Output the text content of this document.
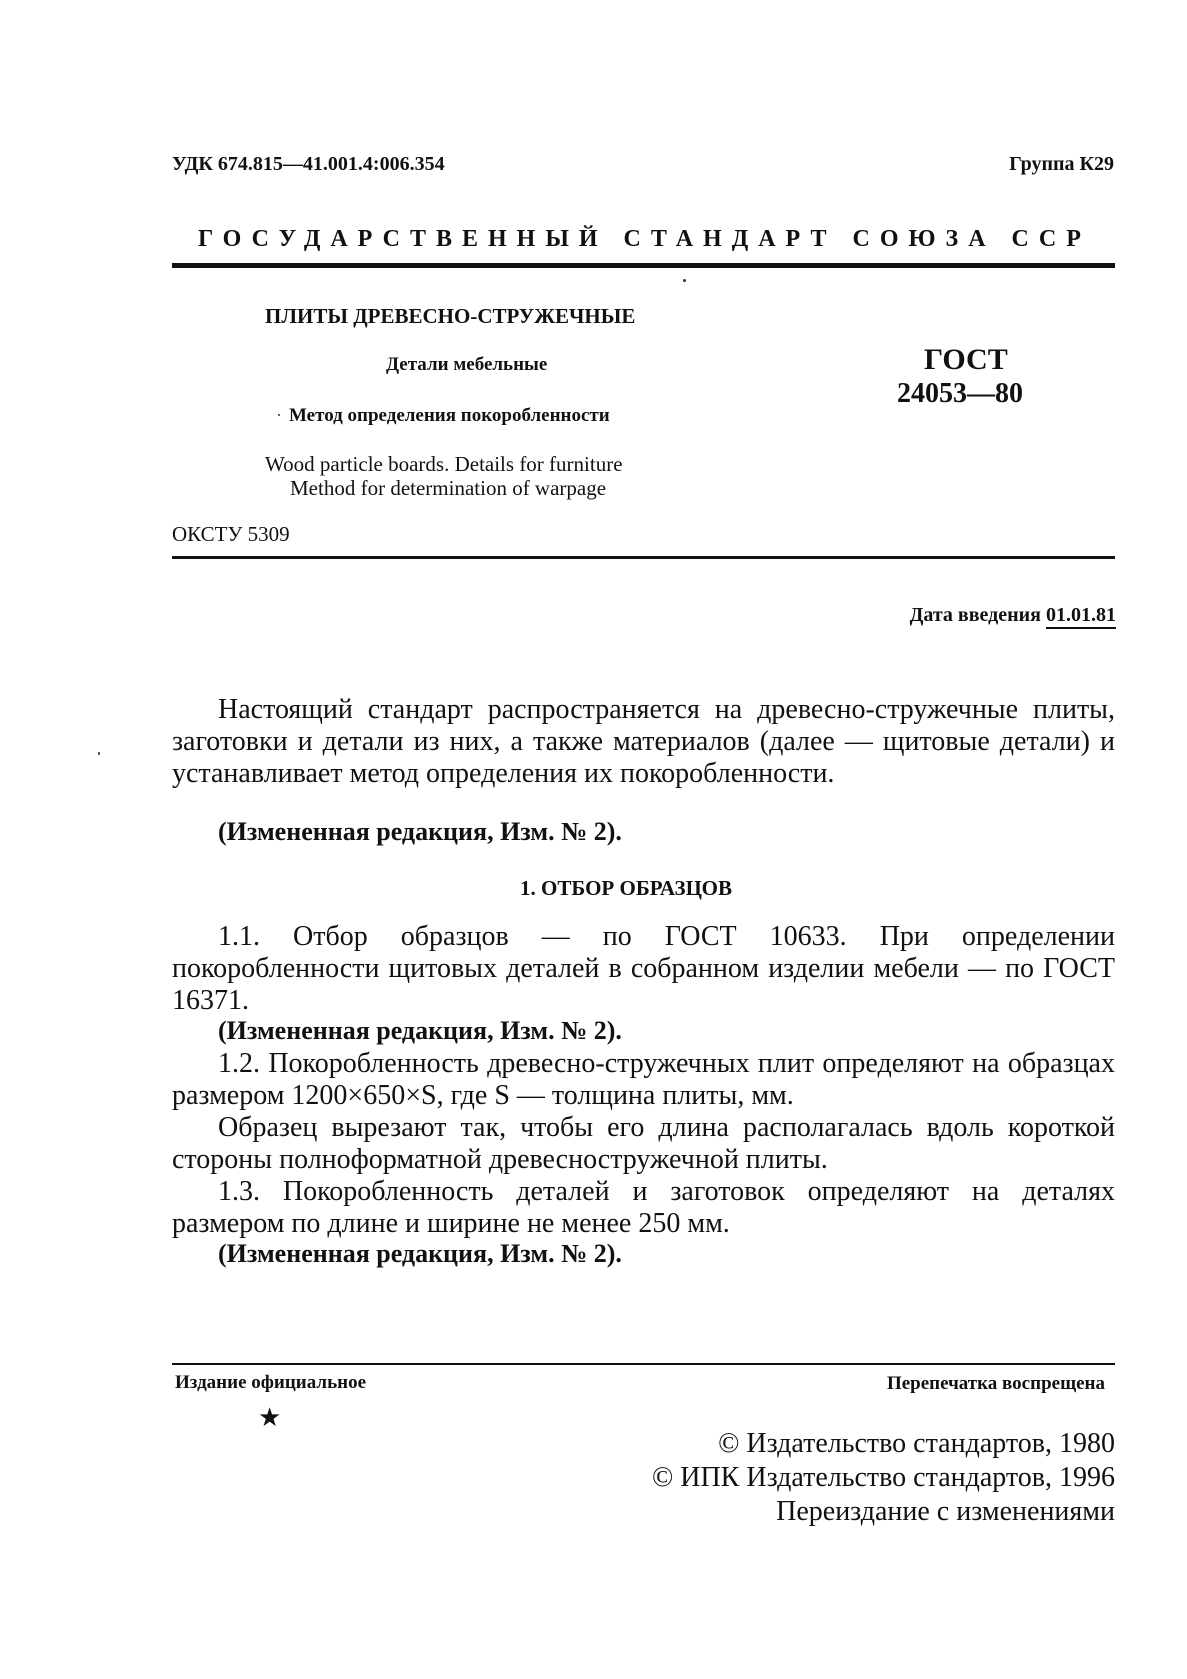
УДК 674.815—41.001.4:006.354	Группа К29
ГОСУДАРСТВЕННЫЙ СТАНДАРТ СОЮЗА ССР
ПЛИТЫ ДРЕВЕСНО-СТРУЖЕЧНЫЕ
Детали мебельные
Метод определения покоробленности
Wood particle boards. Details for furniture
Method for determination of warpage
ГОСТ
24053—80
ОКСТУ 5309
Дата введения 01.01.81
Настоящий стандарт распространяется на древесно-стружечные плиты, заготовки и детали из них, а также материалов (далее — щитовые детали) и устанавливает метод определения их покоробленности.
(Измененная редакция, Изм. № 2).
1. ОТБОР ОБРАЗЦОВ
1.1. Отбор образцов — по ГОСТ 10633. При определении покоробленности щитовых деталей в собранном изделии мебели — по ГОСТ 16371.
(Измененная редакция, Изм. № 2).
1.2. Покоробленность древесно-стружечных плит определяют на образцах размером 1200×650×S, где S — толщина плиты, мм.
Образец вырезают так, чтобы его длина располагалась вдоль короткой стороны полноформатной древесностружечной плиты.
1.3. Покоробленность деталей и заготовок определяют на деталях размером по длине и ширине не менее 250 мм.
(Измененная редакция, Изм. № 2).
Издание официальное	Перепечатка воспрещена
★
© Издательство стандартов, 1980
© ИПК Издательство стандартов, 1996
Переиздание с изменениями
